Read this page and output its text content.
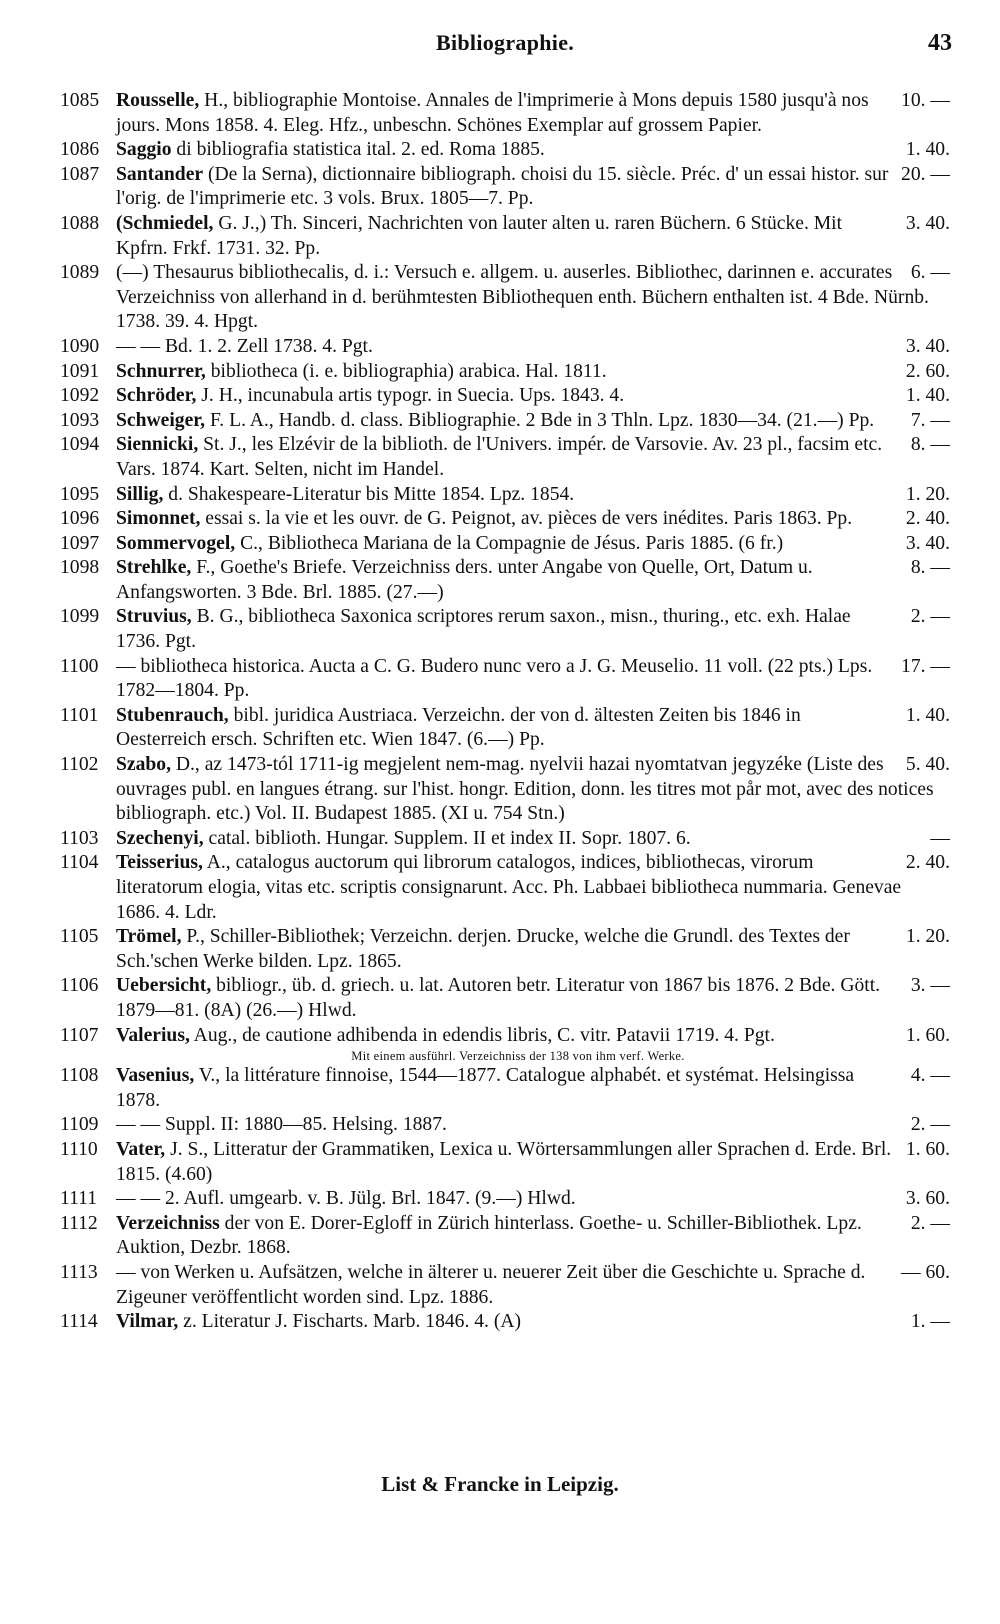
Bibliographie.	43
1085	10. —
Rousselle, H., bibliographie Montoise. Annales de l'imprimerie à Mons depuis 1580 jusqu'à nos jours. Mons 1858. 4. Eleg. Hfz., unbeschn. Schönes Exemplar auf grossem Papier.
1086	1. 40.
Saggio di bibliografia statistica ital. 2. ed. Roma 1885.
1087	20. —
Santander (De la Serna), dictionnaire bibliograph. choisi du 15. siècle. Préc. d' un essai histor. sur l'orig. de l'imprimerie etc. 3 vols. Brux. 1805—7. Pp.
1088	3. 40.
(Schmiedel, G. J.,) Th. Sinceri, Nachrichten von lauter alten u. raren Büchern. 6 Stücke. Mit Kpfrn. Frkf. 1731. 32. Pp.
1089	6. —
(—) Thesaurus bibliothecalis, d. i.: Versuch e. allgem. u. auserles. Bibliothec, darinnen e. accurates Verzeichniss von allerhand in d. berühmtesten Bibliothequen enth. Büchern enthalten ist. 4 Bde. Nürnb. 1738. 39. 4. Hpgt.
1090	3. 40.
— — Bd. 1. 2. Zell 1738. 4. Pgt.
1091	2. 60.
Schnurrer, bibliotheca (i. e. bibliographia) arabica. Hal. 1811.
1092	1. 40.
Schröder, J. H., incunabula artis typogr. in Suecia. Ups. 1843. 4.
1093	7. —
Schweiger, F. L. A., Handb. d. class. Bibliographie. 2 Bde in 3 Thln. Lpz. 1830—34. (21.—) Pp.
1094	8. —
Siennicki, St. J., les Elzévir de la biblioth. de l'Univers. impér. de Varsovie. Av. 23 pl., facsim etc. Vars. 1874. Kart. Selten, nicht im Handel.
1095	1. 20.
Sillig, d. Shakespeare-Literatur bis Mitte 1854. Lpz. 1854.
1096	2. 40.
Simonnet, essai s. la vie et les ouvr. de G. Peignot, av. pièces de vers inédites. Paris 1863. Pp.
1097	3. 40.
Sommervogel, C., Bibliotheca Mariana de la Compagnie de Jésus. Paris 1885. (6 fr.)
1098	8. —
Strehlke, F., Goethe's Briefe. Verzeichniss ders. unter Angabe von Quelle, Ort, Datum u. Anfangsworten. 3 Bde. Brl. 1885. (27.—)
1099	2. —
Struvius, B. G., bibliotheca Saxonica scriptores rerum saxon., misn., thuring., etc. exh. Halae 1736. Pgt.
1100	17. —
— bibliotheca historica. Aucta a C. G. Budero nunc vero a J. G. Meuselio. 11 voll. (22 pts.) Lps. 1782—1804. Pp.
1101	1. 40.
Stubenrauch, bibl. juridica Austriaca. Verzeichn. der von d. ältesten Zeiten bis 1846 in Oesterreich ersch. Schriften etc. Wien 1847. (6.—) Pp.
1102	5. 40.
Szabo, D., az 1473-tól 1711-ig megjelent nem-mag. nyelvii hazai nyomtatvan jegyzéke (Liste des ouvrages publ. en langues étrang. sur l'hist. hongr. Edition, donn. les titres mot pår mot, avec des notices bibliograph. etc.) Vol. II. Budapest 1885. (XI u. 754 Stn.)
1103	—
Szechenyi, catal. biblioth. Hungar. Supplem. II et index II. Sopr. 1807. 6.
1104	2. 40.
Teisserius, A., catalogus auctorum qui librorum catalogos, indices, bibliothecas, virorum literatorum elogia, vitas etc. scriptis consignarunt. Acc. Ph. Labbaei bibliotheca nummaria. Genevae 1686. 4. Ldr.
1105	1. 20.
Trömel, P., Schiller-Bibliothek; Verzeichn. derjen. Drucke, welche die Grundl. des Textes der Sch.'schen Werke bilden. Lpz. 1865.
1106	3. —
Uebersicht, bibliogr., üb. d. griech. u. lat. Autoren betr. Literatur von 1867 bis 1876. 2 Bde. Gött. 1879—81. (8A) (26.—) Hlwd.
1107	1. 60.
Valerius, Aug., de cautione adhibenda in edendis libris, C. vitr. Patavii 1719. 4. Pgt.
Mit einem ausführl. Verzeichniss der 138 von ihm verf. Werke.
1108	4. —
Vasenius, V., la littérature finnoise, 1544—1877. Catalogue alphabét. et systémat. Helsingissa 1878.
1109	2. —
— — Suppl. II: 1880—85. Helsing. 1887.
1110	1. 60.
Vater, J. S., Litteratur der Grammatiken, Lexica u. Wörtersammlungen aller Sprachen d. Erde. Brl. 1815. (4.60)
1111	3. 60.
— — 2. Aufl. umgearb. v. B. Jülg. Brl. 1847. (9.—) Hlwd.
1112	2. —
Verzeichniss der von E. Dorer-Egloff in Zürich hinterlass. Goethe- u. Schiller-Bibliothek. Lpz. Auktion, Dezbr. 1868.
1113	— 60.
— von Werken u. Aufsätzen, welche in älterer u. neuerer Zeit über die Geschichte u. Sprache d. Zigeuner veröffentlicht worden sind. Lpz. 1886.
1114	1. —
Vilmar, z. Literatur J. Fischarts. Marb. 1846. 4. (A)
List & Francke in Leipzig.
